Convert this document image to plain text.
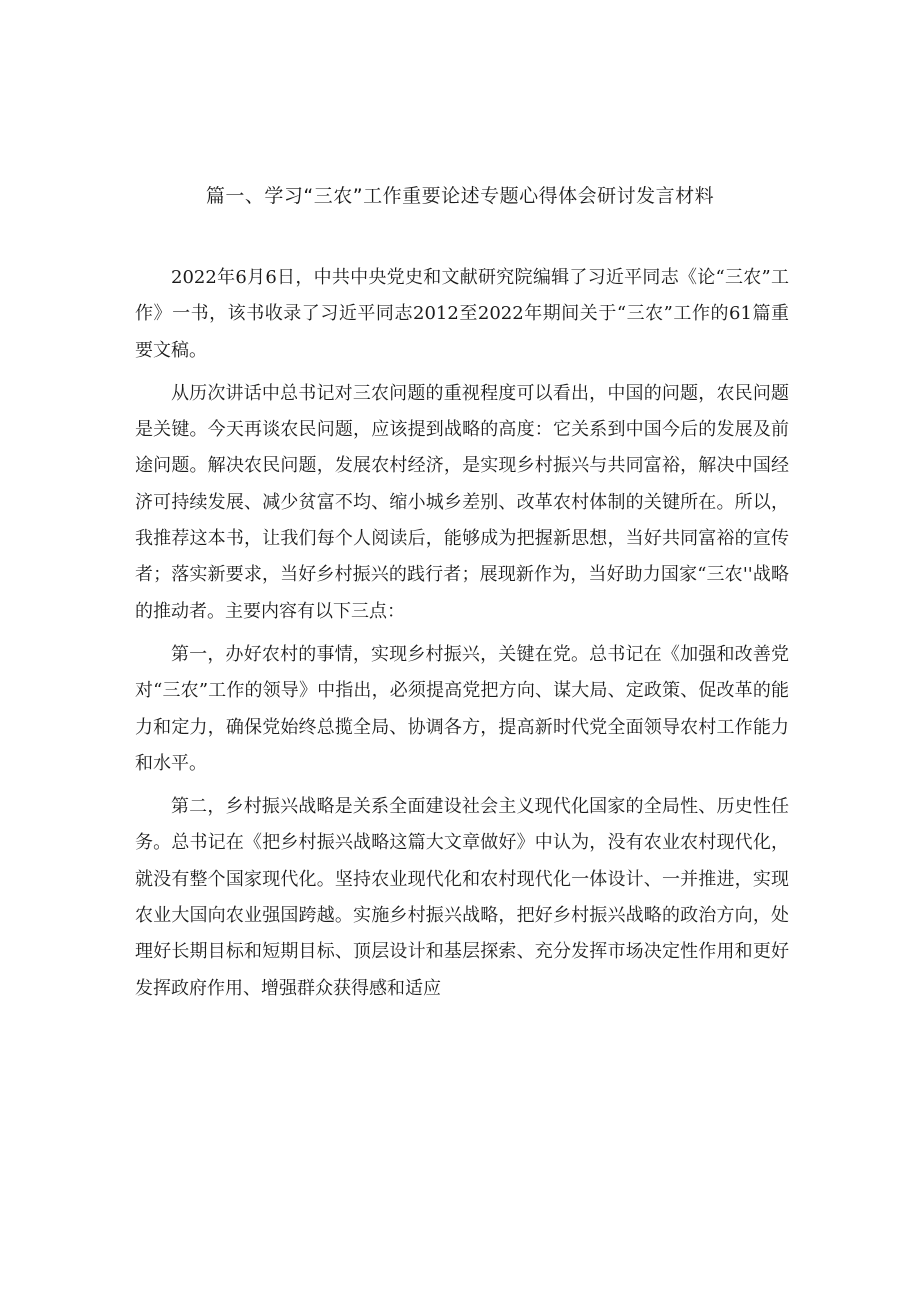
篇一、学习“三农”工作重要论述专题心得体会研讨发言材料

2022年6月6日，中共中央党史和文献研究院编辑了习近平同志《论“三农”工作》一书，该书收录了习近平同志2012至2022年期间关于“三农”工作的61篇重要文稿。

从历次讲话中总书记对三农问题的重视程度可以看出，中国的问题，农民问题是关键。今天再谈农民问题，应该提到战略的高度：它关系到中国今后的发展及前途问题。解决农民问题，发展农村经济，是实现乡村振兴与共同富裕，解决中国经济可持续发展、减少贫富不均、缩小城乡差别、改革农村体制的关键所在。所以，我推荐这本书，让我们每个人阅读后，能够成为把握新思想，当好共同富裕的宣传者；落实新要求，当好乡村振兴的践行者；展现新作为，当好助力国家“三农''战略的推动者。主要内容有以下三点：

第一，办好农村的事情，实现乡村振兴，关键在党。总书记在《加强和改善党对“三农”工作的领导》中指出，必须提高党把方向、谋大局、定政策、促改革的能力和定力，确保党始终总揽全局、协调各方，提高新时代党全面领导农村工作能力和水平。

第二，乡村振兴战略是关系全面建设社会主义现代化国家的全局性、历史性任务。总书记在《把乡村振兴战略这篇大文章做好》中认为，没有农业农村现代化，就没有整个国家现代化。坚持农业现代化和农村现代化一体设计、一并推进，实现农业大国向农业强国跨越。实施乡村振兴战略，把好乡村振兴战略的政治方向，处理好长期目标和短期目标、顶层设计和基层探索、充分发挥市场决定性作用和更好发挥政府作用、增强群众获得感和适应
